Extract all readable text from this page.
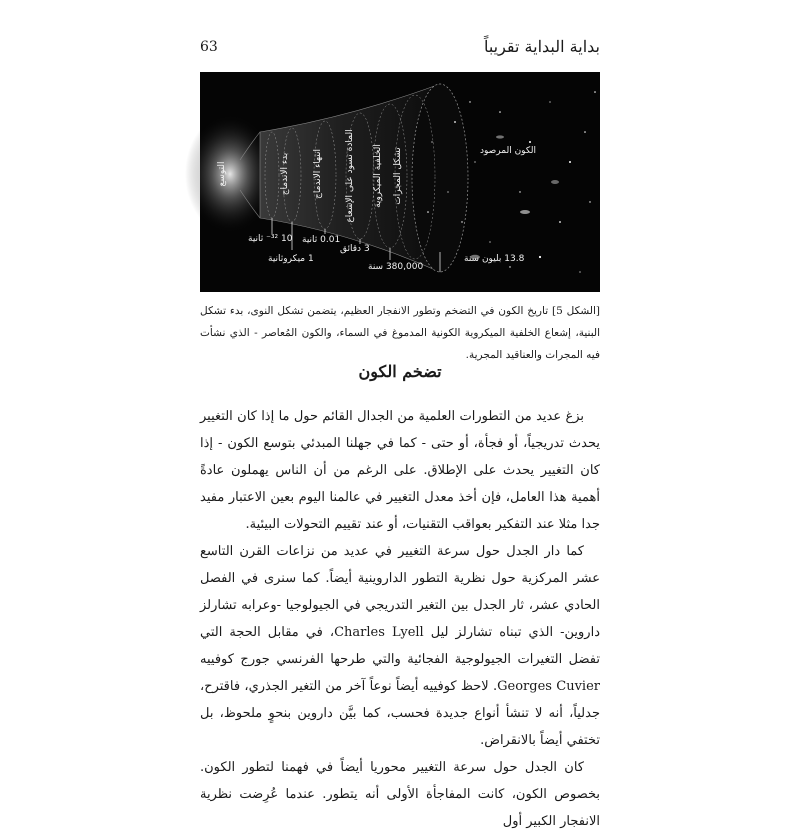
بداية البداية تقريباً
63
التوسع	بدء الاندماج	انتهاء الاندماج المادة تسود على الإشعاع الخلفية الميكروية تشكل المجرات	الكون المرصود
10 ‎⁻³²‎ ثانية
1 ميكروثانية
0.01 ثانية
3 دقائق
380,000 سنة
13.8 بليون سنة
[الشكل 5] تاريخ الكون في التضخم وتطور الانفجار العظيم، يتضمن تشكل النوى، بدء تشكل البنية، إشعاع الخلفية الميكروية الكونية المدموغ في السماء، والكون المُعاصر - الذي نشأت فيه المجرات والعناقيد المجرية.
تضخم الكون

بزغ عديد من التطورات العلمية من الجدال القائم حول ما إذا كان التغيير يحدث تدريجياً، أو فجأة، أو حتى - كما في جهلنا المبدئي بتوسع الكون - إذا كان التغيير يحدث على الإطلاق. على الرغم من أن الناس يهملون عادةً أهمية هذا العامل، فإن أخذ معدل التغيير في عالمنا اليوم بعين الاعتبار مفيد جدا مثلا عند التفكير بعواقب التقنيات، أو عند تقييم التحولات البيئية.

كما دار الجدل حول سرعة التغيير في عديد من نزاعات القرن التاسع عشر المركزية حول نظرية التطور الداروينية أيضاً. كما سنرى في الفصل الحادي عشر، ثار الجدل بين التغير التدريجي في الجيولوجيا -وعرابه تشارلز داروين- الذي تبناه تشارلز ليل Charles Lyell، في مقابل الحجة التي تفضل التغيرات الجيولوجية الفجائية والتي طرحها الفرنسي جورج كوفييه Georges Cuvier. لاحظ كوفييه أيضاً نوعاً آخر من التغير الجذري، فاقترح، جدلياً، أنه لا تنشأ أنواع جديدة فحسب، كما بيَّن داروين بنحوٍ ملحوظ، بل تختفي أيضاً بالانقراض.

كان الجدل حول سرعة التغيير محوريا أيضاً في فهمنا لتطور الكون. بخصوص الكون، كانت المفاجأة الأولى أنه يتطور. عندما عُرِضت نظرية الانفجار الكبير أول
